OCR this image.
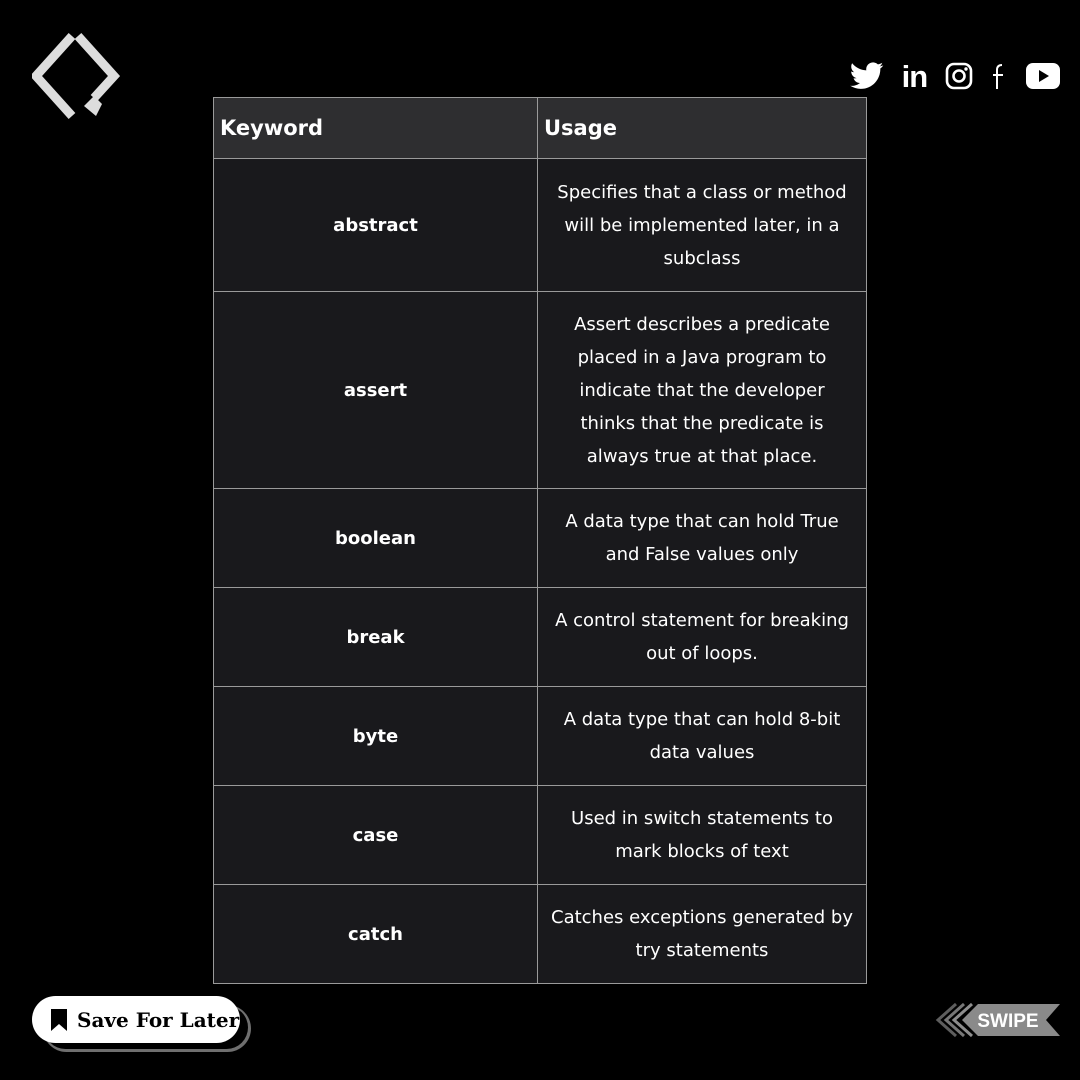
in
Keyword	Usage
abstract	Specifies that a class or method will be implemented later, in a subclass
assert	Assert describes a predicate placed in a Java program to indicate that the developer thinks that the predicate is always true at that place.
boolean	A data type that can hold True and False values only
break	A control statement for breaking out of loops.
byte	A data type that can hold 8-bit data values
case	Used in switch statements to mark blocks of text
catch	Catches exceptions generated by try statements
Save For Later	SWIPE
